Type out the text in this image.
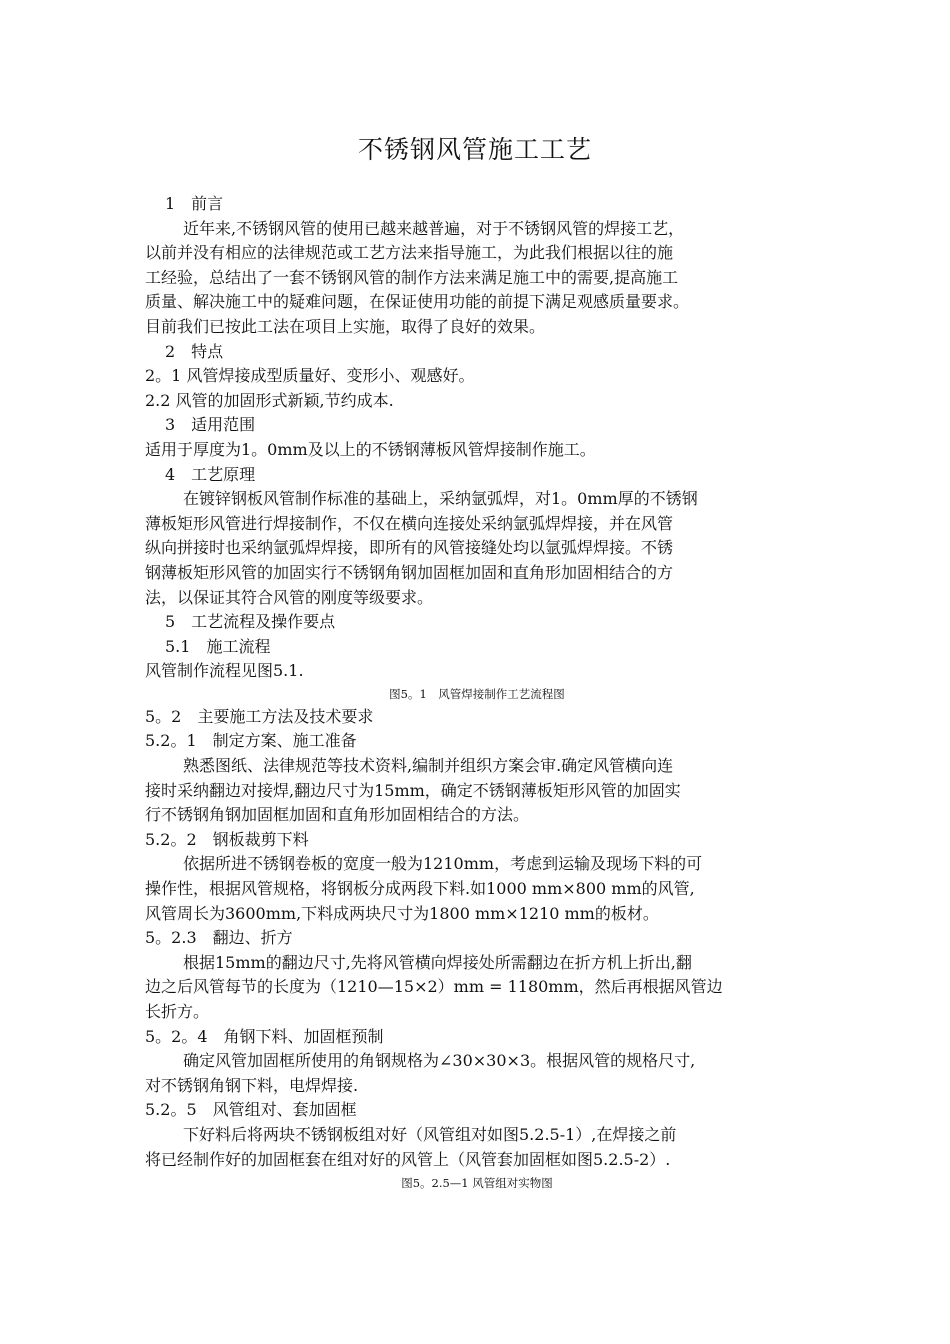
不锈钢风管施工工艺
1　前言
近年来,不锈钢风管的使用已越来越普遍，对于不锈钢风管的焊接工艺，
以前并没有相应的法律规范或工艺方法来指导施工，为此我们根据以往的施
工经验，总结出了一套不锈钢风管的制作方法来满足施工中的需要,提高施工
质量、解决施工中的疑难问题，在保证使用功能的前提下满足观感质量要求。
目前我们已按此工法在项目上实施，取得了良好的效果。
2　特点
2。1 风管焊接成型质量好、变形小、观感好。
2.2 风管的加固形式新颖,节约成本.
3　适用范围
适用于厚度为1。0mm及以上的不锈钢薄板风管焊接制作施工。
4　工艺原理
在镀锌钢板风管制作标准的基础上，采纳氩弧焊，对1。0mm厚的不锈钢
薄板矩形风管进行焊接制作，不仅在横向连接处采纳氩弧焊焊接，并在风管
纵向拼接时也采纳氩弧焊焊接，即所有的风管接缝处均以氩弧焊焊接。不锈
钢薄板矩形风管的加固实行不锈钢角钢加固框加固和直角形加固相结合的方
法，以保证其符合风管的刚度等级要求。
5　工艺流程及操作要点
5.1　施工流程
风管制作流程见图5.1.
图5。1　风管焊接制作工艺流程图
5。2　主要施工方法及技术要求
5.2。1　制定方案、施工准备
熟悉图纸、法律规范等技术资料,编制并组织方案会审.确定风管横向连
接时采纳翻边对接焊,翻边尺寸为15mm，确定不锈钢薄板矩形风管的加固实
行不锈钢角钢加固框加固和直角形加固相结合的方法。
5.2。2　钢板裁剪下料
依据所进不锈钢卷板的宽度一般为1210mm，考虑到运输及现场下料的可
操作性，根据风管规格，将钢板分成两段下料.如1000 mm×800 mm的风管,
风管周长为3600mm,下料成两块尺寸为1800 mm×1210 mm的板材。
5。2.3　翻边、折方
根据15mm的翻边尺寸,先将风管横向焊接处所需翻边在折方机上折出,翻
边之后风管每节的长度为（1210—15×2）mm = 1180mm，然后再根据风管边
长折方。
5。2。4　角钢下料、加固框预制
确定风管加固框所使用的角钢规格为∠30×30×3。根据风管的规格尺寸,
对不锈钢角钢下料，电焊焊接.
5.2。5　风管组对、套加固框
下好料后将两块不锈钢板组对好（风管组对如图5.2.5-1）,在焊接之前
将已经制作好的加固框套在组对好的风管上（风管套加固框如图5.2.5-2）.
图5。2.5—1 风管组对实物图
